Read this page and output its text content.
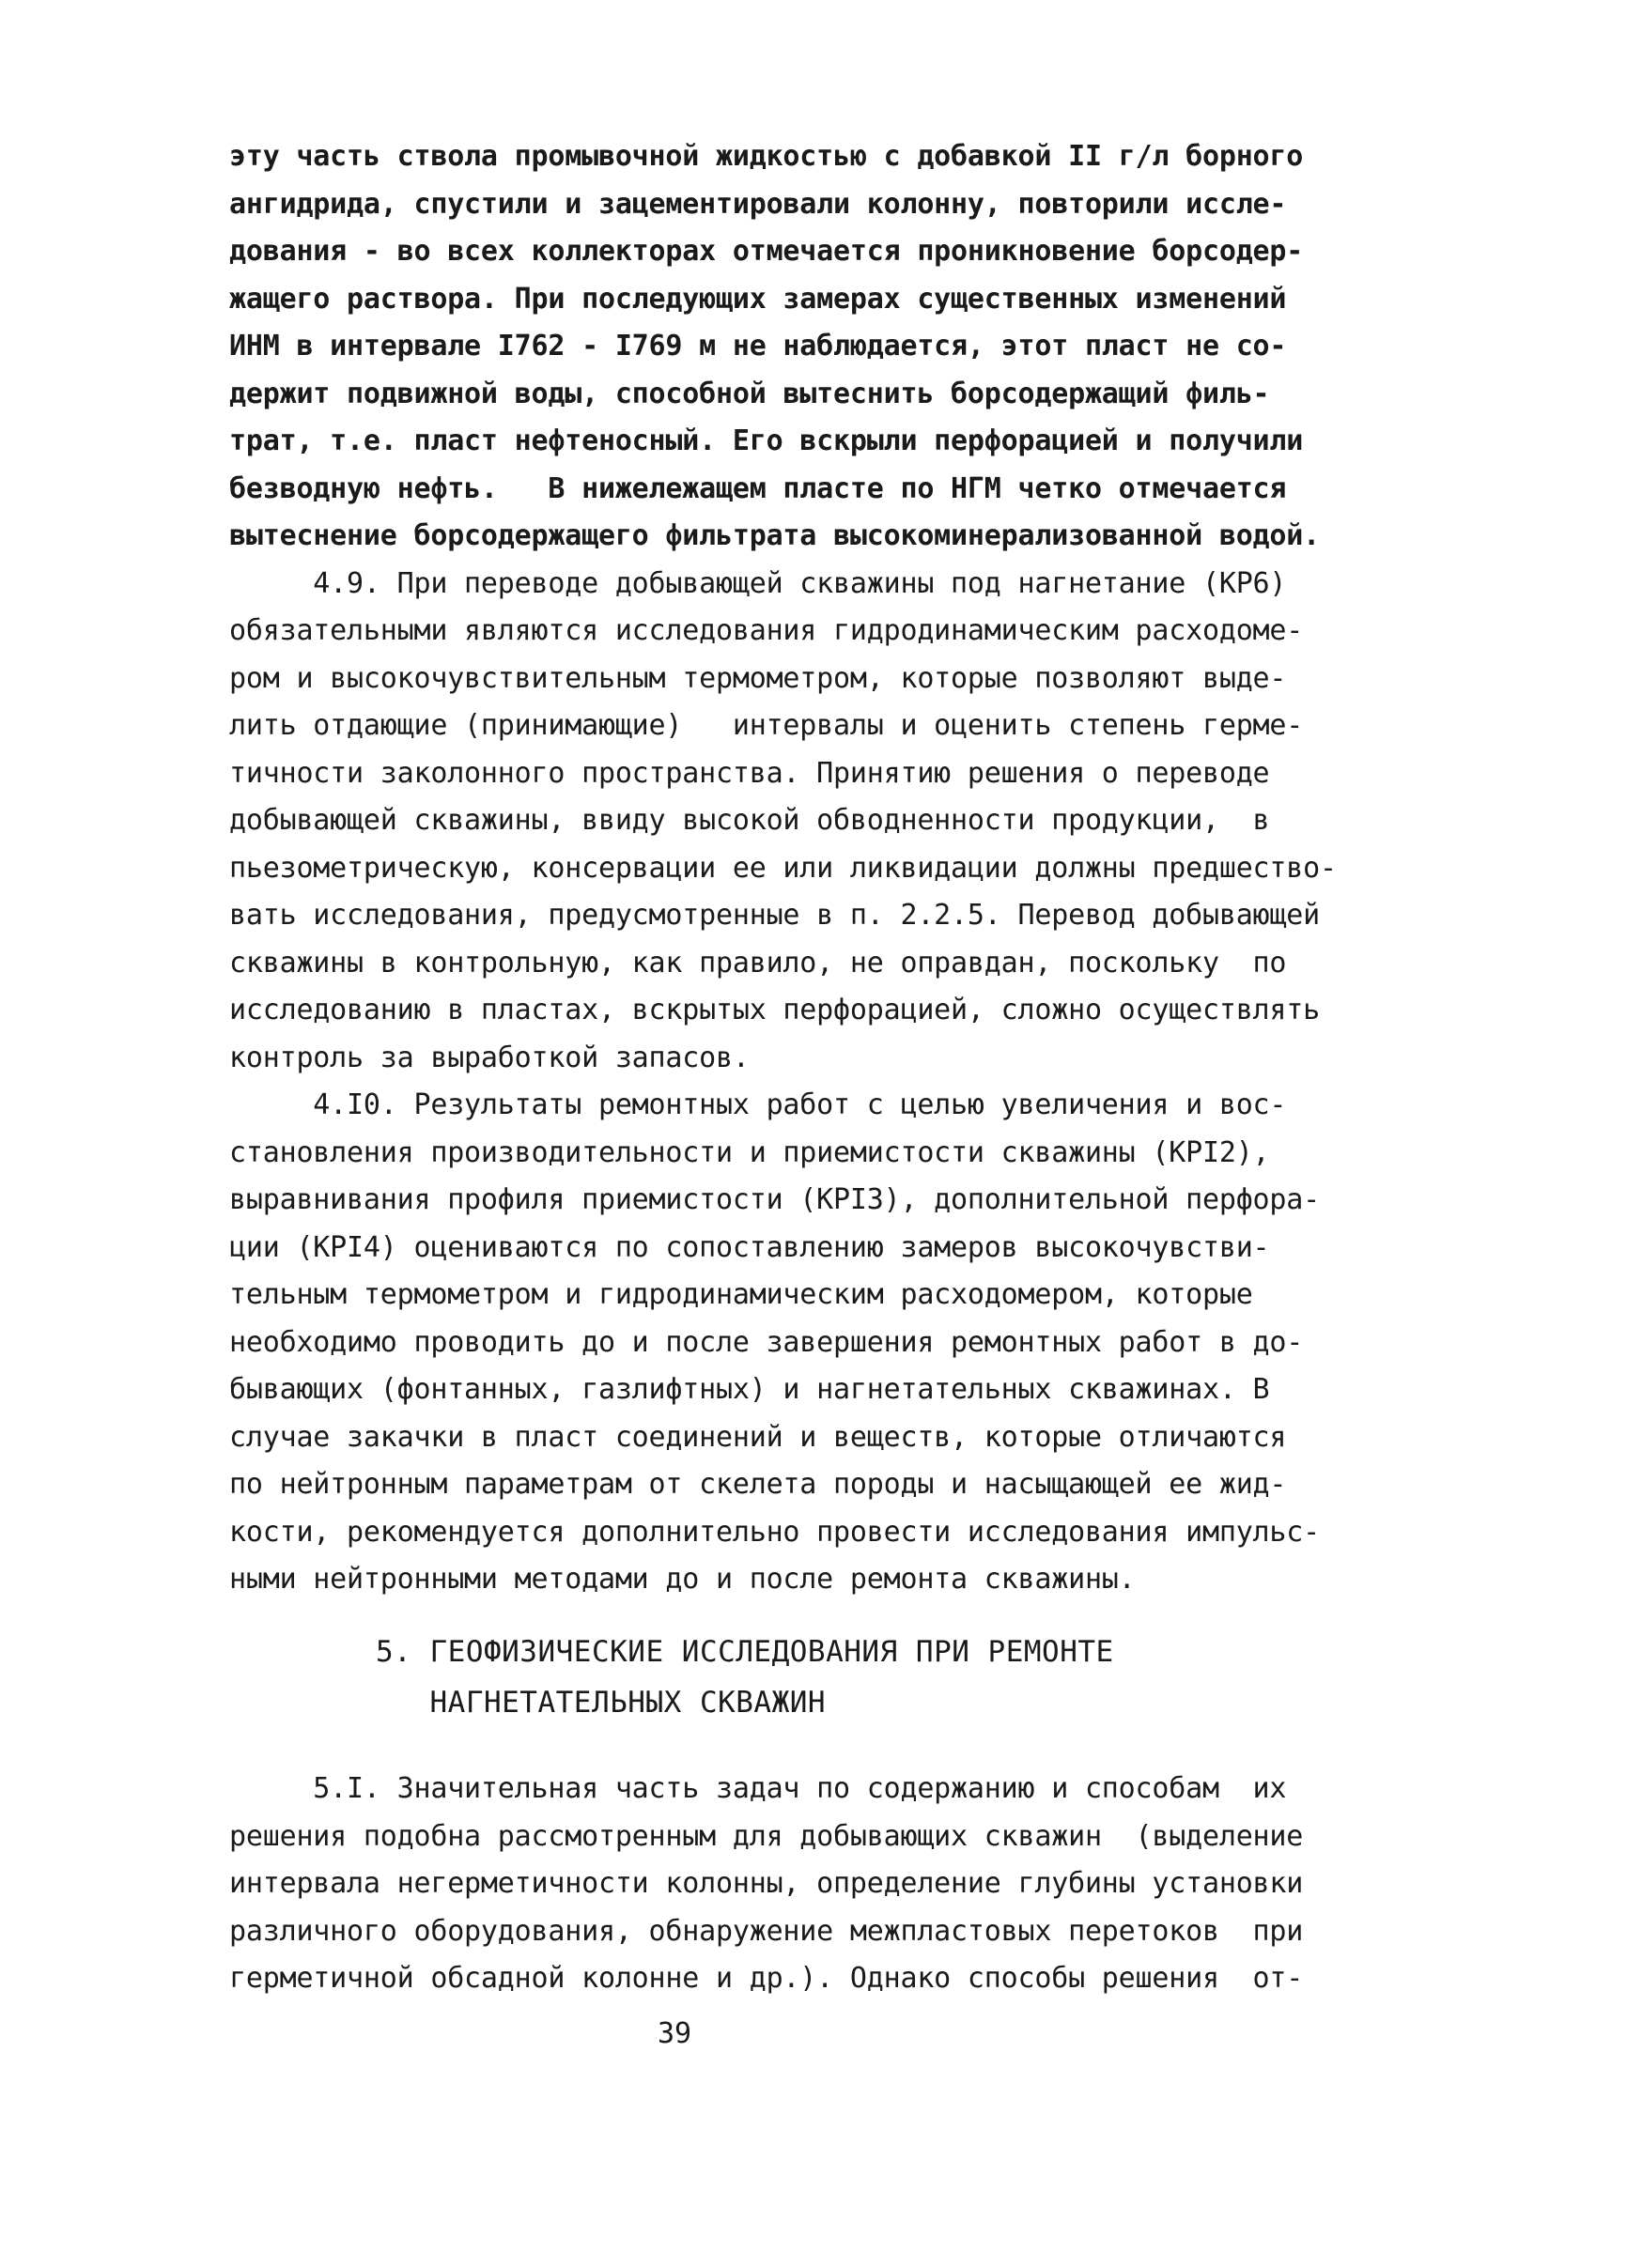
эту часть ствола промывочной жидкостью с добавкой II г/л борного
ангидрида, спустили и зацементировали колонну, повторили иссле-
дования - во всех коллекторах отмечается проникновение борсодер-
жащего раствора. При последующих замерах существенных изменений
ИНМ в интервале I762 - I769 м не наблюдается, этот пласт не со-
держит подвижной воды, способной вытеснить борсодержащий филь-
трат, т.е. пласт нефтеносный. Его вскрыли перфорацией и получили
безводную нефть.   В нижележащем пласте по НГМ четко отмечается
вытеснение борсодержащего фильтрата высокоминерализованной водой.
4.9. При переводе добывающей скважины под нагнетание (КР6)
обязательными являются исследования гидродинамическим расходоме-
ром и высокочувствительным термометром, которые позволяют выде-
лить отдающие (принимающие)   интервалы и оценить степень герме-
тичности заколонного пространства. Принятию решения о переводе
добывающей скважины, ввиду высокой обводненности продукции,  в
пьезометрическую, консервации ее или ликвидации должны предшество-
вать исследования, предусмотренные в п. 2.2.5. Перевод добывающей
скважины в контрольную, как правило, не оправдан, поскольку  по
исследованию в пластах, вскрытых перфорацией, сложно осуществлять
контроль за выработкой запасов.
4.I0. Результаты ремонтных работ с целью увеличения и вос-
становления производительности и приемистости скважины (КРI2),
выравнивания профиля приемистости (КРI3), дополнительной перфора-
ции (КРI4) оцениваются по сопоставлению замеров высокочувстви-
тельным термометром и гидродинамическим расходомером, которые
необходимо проводить до и после завершения ремонтных работ в до-
бывающих (фонтанных, газлифтных) и нагнетательных скважинах. В
случае закачки в пласт соединений и веществ, которые отличаются
по нейтронным параметрам от скелета породы и насыщающей ее жид-
кости, рекомендуется дополнительно провести исследования импульс-
ными нейтронными методами до и после ремонта скважины.
5. ГЕОФИЗИЧЕСКИЕ ИССЛЕДОВАНИЯ ПРИ РЕМОНТЕ
НАГНЕТАТЕЛЬНЫХ СКВАЖИН
5.I. Значительная часть задач по содержанию и способам  их
решения подобна рассмотренным для добывающих скважин  (выделение
интервала негерметичности колонны, определение глубины установки
различного оборудования, обнаружение межпластовых перетоков  при
герметичной обсадной колонне и др.). Однако способы решения  от-
39
